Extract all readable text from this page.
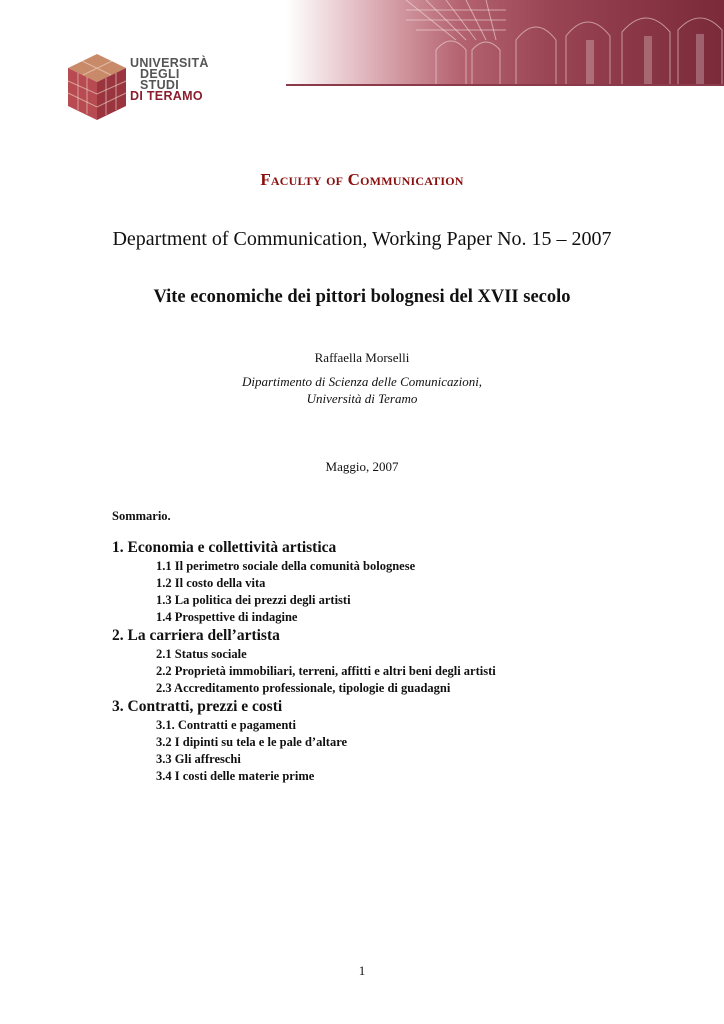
UNIVERSITÀ
DEGLI STUDI
DI TERAMO
Faculty of Communication
Department of Communication, Working Paper No. 15 – 2007
Vite economiche dei pittori bolognesi del XVII secolo
Raffaella Morselli
Dipartimento di Scienza delle Comunicazioni,
Università di Teramo
Maggio, 2007
Sommario.
1. Economia e collettività artistica
1.1 Il perimetro sociale della comunità bolognese
1.2 Il costo della vita
1.3 La politica dei prezzi degli artisti
1.4 Prospettive di indagine
2. La carriera dell’artista
2.1 Status sociale
2.2 Proprietà immobiliari, terreni, affitti e altri beni degli artisti
2.3 Accreditamento professionale, tipologie di guadagni
3. Contratti, prezzi e costi
3.1. Contratti e pagamenti
3.2 I dipinti su tela e le pale d’altare
3.3 Gli affreschi
3.4 I costi delle materie prime
1
